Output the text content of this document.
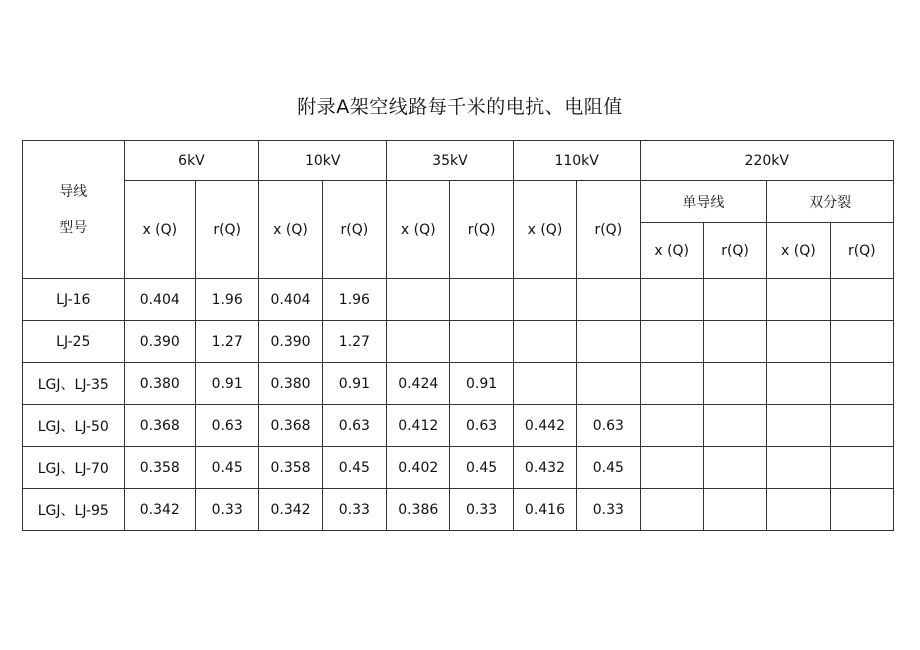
附录A架空线路每千米的电抗、电阻值
导线
型号	6kV		10kV		35kV		110kV		220kV			
	x (Q)	r(Q)	x (Q)	r(Q)	x (Q)	r(Q)	x (Q)	r(Q)	单导线		双分裂	
									x (Q)	r(Q)	x (Q)	r(Q)
LJ-16	0.404	1.96	0.404	1.96								
LJ-25	0.390	1.27	0.390	1.27								
LGJ、LJ-35	0.380	0.91	0.380	0.91	0.424	0.91						
LGJ、LJ-50	0.368	0.63	0.368	0.63	0.412	0.63	0.442	0.63				
LGJ、LJ-70	0.358	0.45	0.358	0.45	0.402	0.45	0.432	0.45				
LGJ、LJ-95	0.342	0.33	0.342	0.33	0.386	0.33	0.416	0.33				
